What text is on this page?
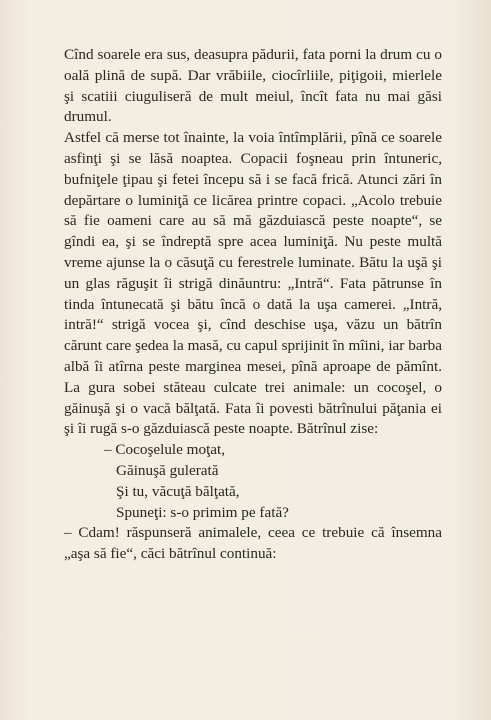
Cînd soarele era sus, deasupra pădurii, fata porni la drum cu o oală plină de supă. Dar vrăbiile, ciocîrliile, piţigoii, mierlele şi scatiii ciuguliseră de mult meiul, încît fata nu mai găsi drumul.

Astfel că merse tot înainte, la voia întîmplării, pînă ce soarele asfinţi şi se lăsă noaptea. Copacii foşneau prin întuneric, bufniţele ţipau şi fetei începu să i se facă frică. Atunci zări în depărtare o luminiţă ce licărea printre copaci. „Acolo trebuie să fie oameni care au să mă găzduiască peste noapte“, se gîndi ea, şi se îndreptă spre acea luminiţă. Nu peste multă vreme ajunse la o căsuţă cu ferestrele luminate. Bătu la uşă şi un glas răguşit îi strigă dinăuntru: „Intră“. Fata pătrunse în tinda întunecată şi bătu încă o dată la uşa camerei. „Intră, intră!“ strigă vocea şi, cînd deschise uşa, văzu un bătrîn cărunt care şedea la masă, cu capul sprijinit în mîini, iar barba albă îi atîrna peste marginea mesei, pînă aproape de pămînt. La gura sobei stăteau culcate trei animale: un cocoşel, o găinuşă şi o vacă bălţată. Fata îi povesti bătrînului păţania ei şi îi rugă s-o găzduiască peste noapte. Bătrînul zise:

– Cocoşelule moţat,
Găinuşă gulerată
Şi tu, văcuţă bălţată,
Spuneţi: s-o primim pe fată?

– Cdam! răspunseră animalele, ceea ce trebuie că însemna „aşa să fie“, căci bătrînul continuă:
